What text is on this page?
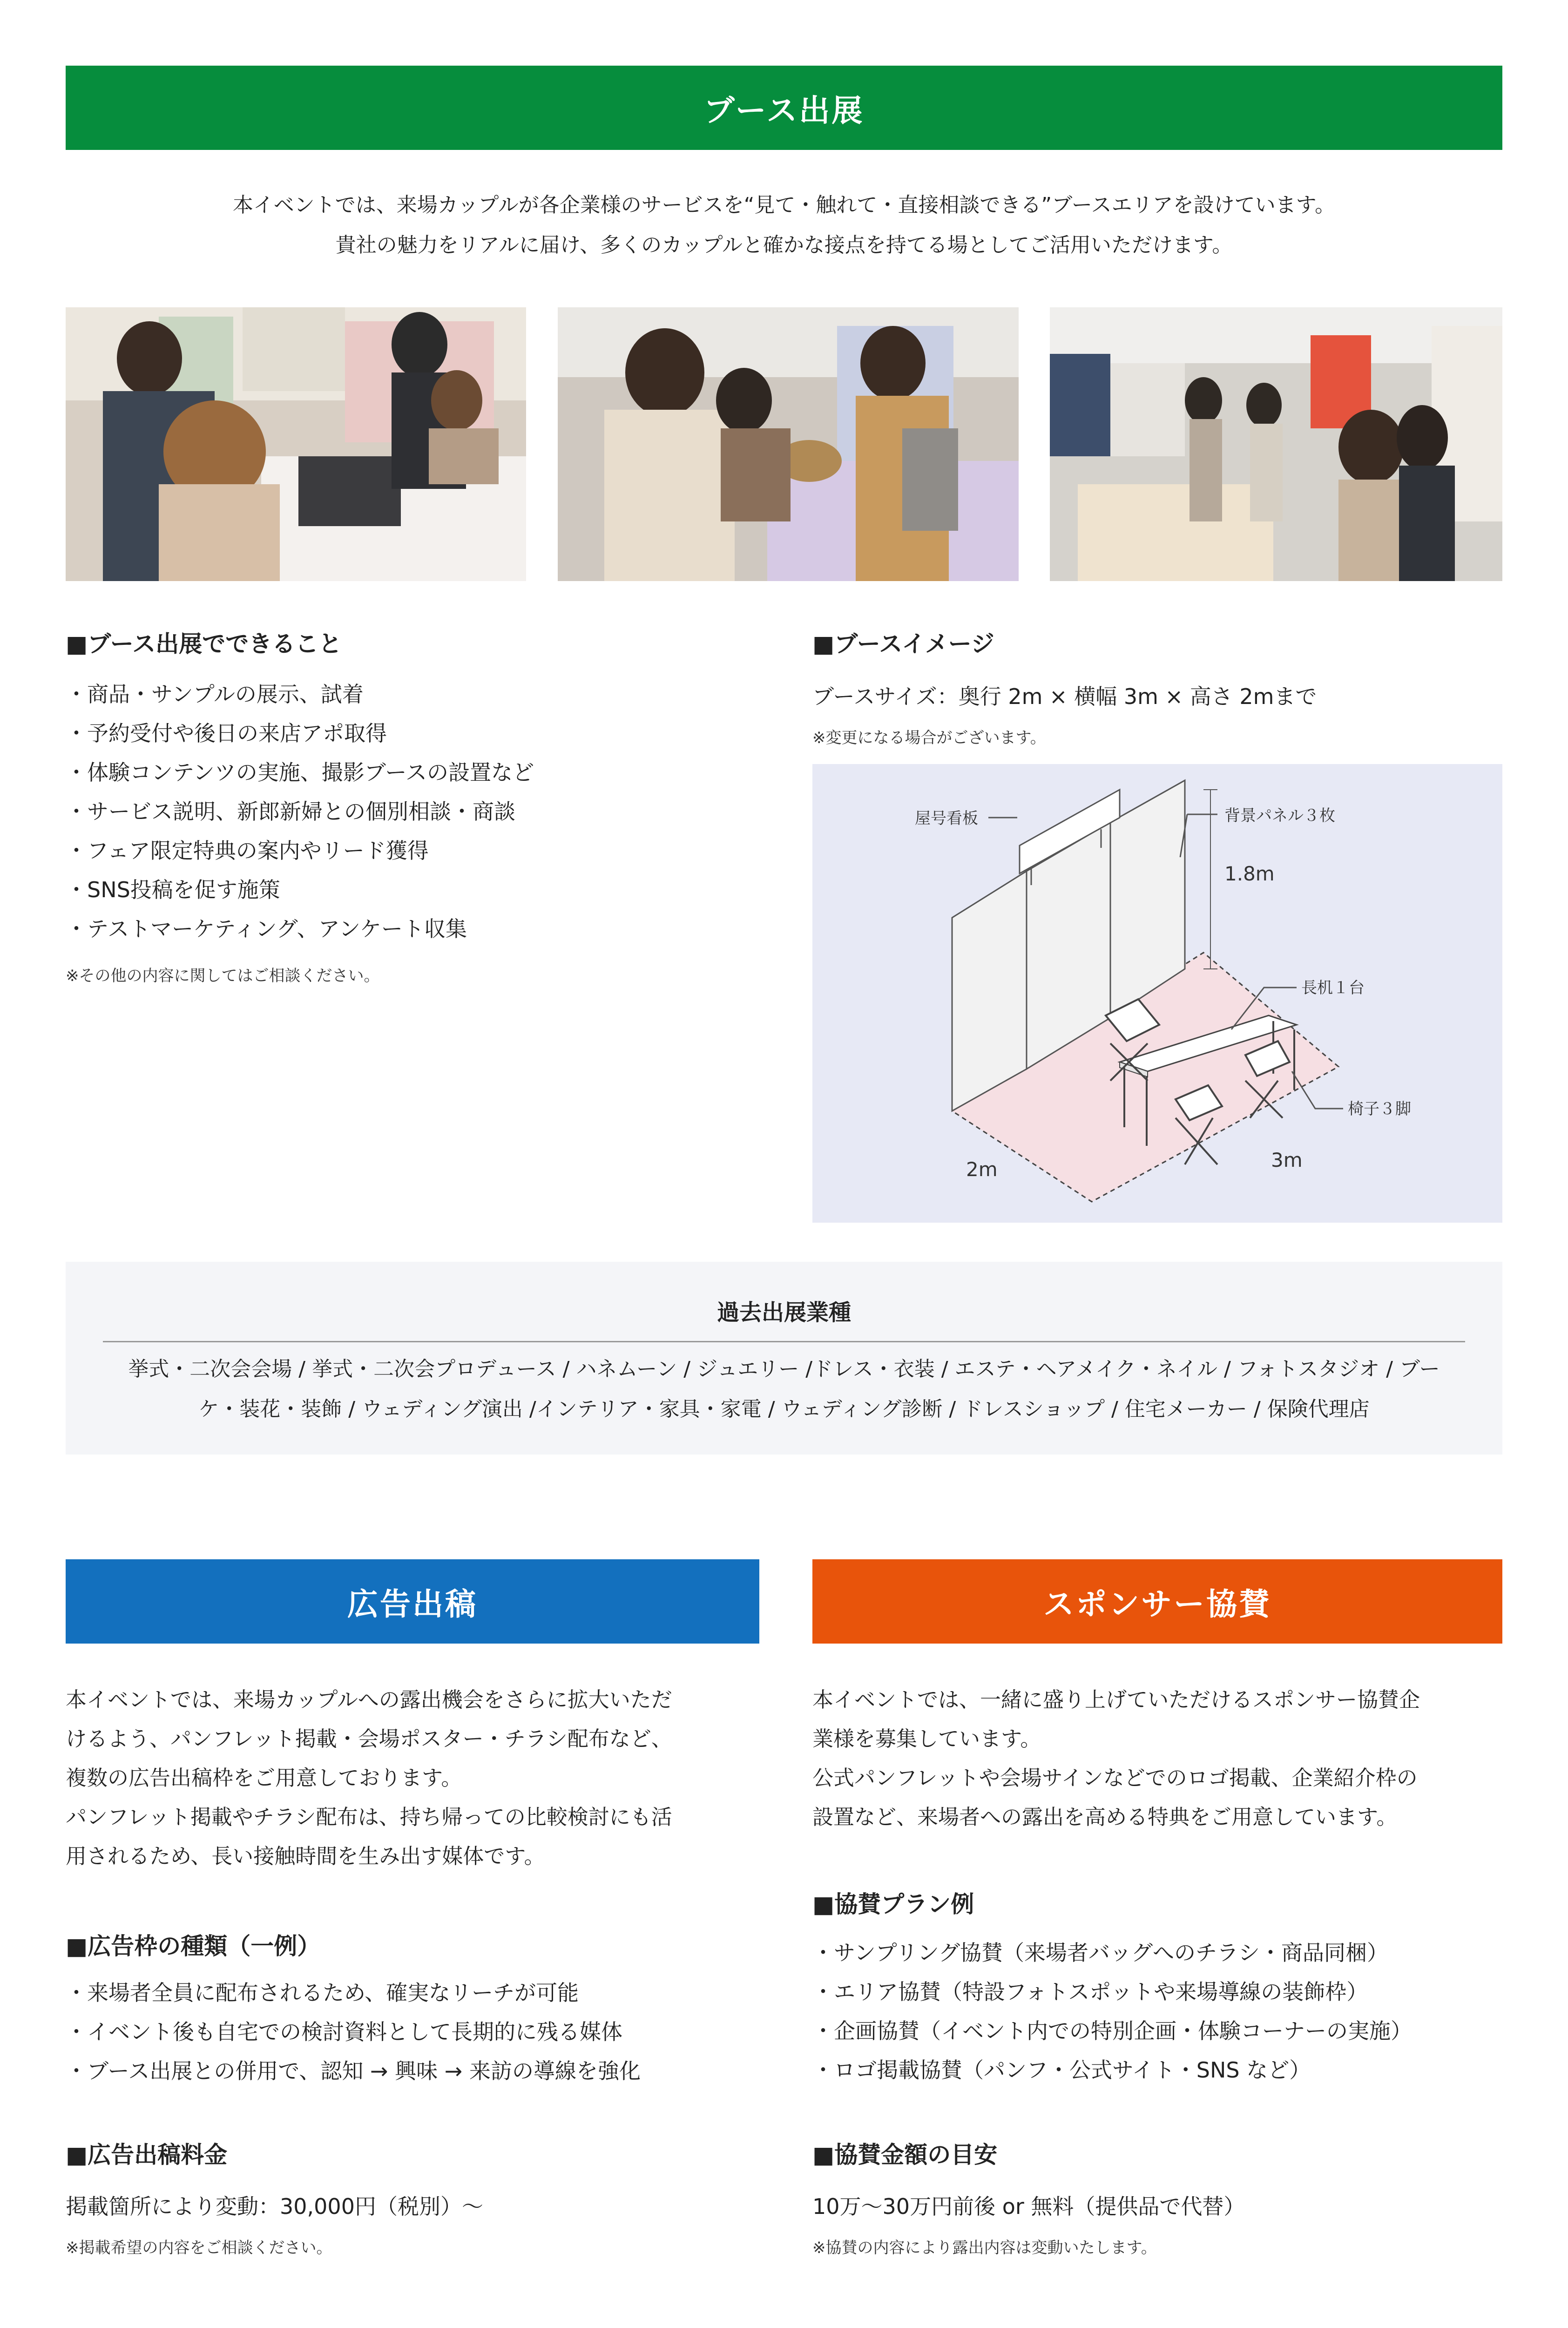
ブース出展

本イベントでは、来場カップルが各企業様のサービスを“見て・触れて・直接相談できる”ブースエリアを設けています。

貴社の魅力をリアルに届け、多くのカップルと確かな接点を持てる場としてご活用いただけます。

■ブース出展でできること
・商品・サンプルの展示、試着
・予約受付や後日の来店アポ取得
・体験コンテンツの実施、撮影ブースの設置など
・サービス説明、新郎新婦との個別相談・商談
・フェア限定特典の案内やリード獲得
・SNS投稿を促す施策
・テストマーケティング、アンケート収集
※その他の内容に関してはご相談ください。
■ブースイメージ
ブースサイズ：奥行 2m × 横幅 3m × 高さ 2mまで
※変更になる場合がございます。
屋号看板	背景パネル３枚
1.8m
長机１台
椅子３脚
2m	3m
過去出展業種

挙式・二次会会場 / 挙式・二次会プロデュース / ハネムーン / ジュエリー /ドレス・衣装 / エステ・ヘアメイク・ネイル / フォトスタジオ / ブー

ケ・装花・装飾 / ウェディング演出 /インテリア・家具・家電 / ウェディング診断 / ドレスショップ / 住宅メーカー / 保険代理店

広告出稿

本イベントでは、来場カップルへの露出機会をさらに拡大いただ

けるよう、パンフレット掲載・会場ポスター・チラシ配布など、

複数の広告出稿枠をご用意しております。

パンフレット掲載やチラシ配布は、持ち帰っての比較検討にも活

用されるため、長い接触時間を生み出す媒体です。

■広告枠の種類（一例）
・来場者全員に配布されるため、確実なリーチが可能
・イベント後も自宅での検討資料として長期的に残る媒体
・ブース出展との併用で、認知 → 興味 → 来訪の導線を強化
■広告出稿料金
掲載箇所により変動：30,000円（税別）～
※掲載希望の内容をご相談ください。
スポンサー協賛

本イベントでは、一緒に盛り上げていただけるスポンサー協賛企

業様を募集しています。

公式パンフレットや会場サインなどでのロゴ掲載、企業紹介枠の

設置など、来場者への露出を高める特典をご用意しています。

■協賛プラン例
・サンプリング協賛（来場者バッグへのチラシ・商品同梱）
・エリア協賛（特設フォトスポットや来場導線の装飾枠）
・企画協賛（イベント内での特別企画・体験コーナーの実施）
・ロゴ掲載協賛（パンフ・公式サイト・SNS など）
■協賛金額の目安
10万～30万円前後 or 無料（提供品で代替）
※協賛の内容により露出内容は変動いたします。
